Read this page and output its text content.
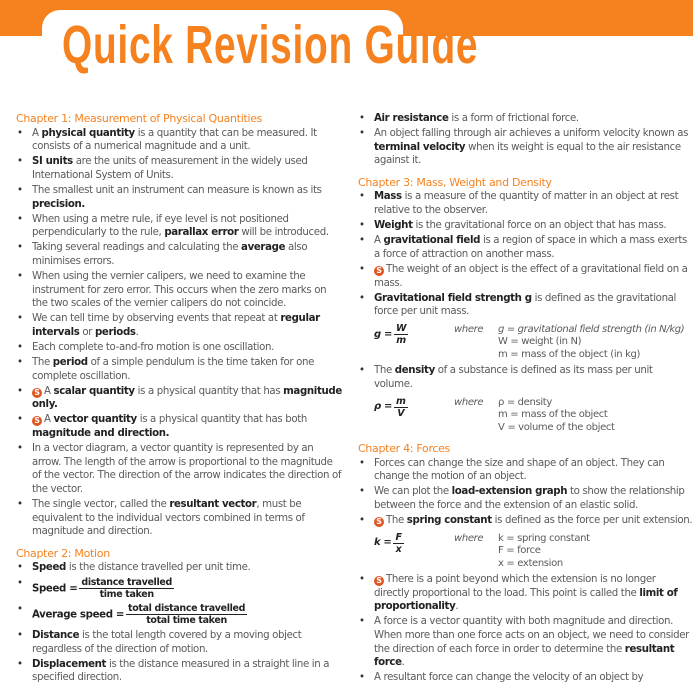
Quick Revision Guide
Chapter 1: Measurement of Physical Quantities
• A physical quantity is a quantity that can be measured. It consists of a numerical magnitude and a unit.
• SI units are the units of measurement in the widely used International System of Units.
• The smallest unit an instrument can measure is known as its precision.
• When using a metre rule, if eye level is not positioned perpendicularly to the rule, parallax error will be introduced.
• Taking several readings and calculating the average also minimises errors.
• When using the vernier calipers, we need to examine the instrument for zero error. This occurs when the zero marks on the two scales of the vernier calipers do not coincide.
• We can tell time by observing events that repeat at regular intervals or periods.
• Each complete to-and-fro motion is one oscillation.
• The period of a simple pendulum is the time taken for one complete oscillation.
• S A scalar quantity is a physical quantity that has magnitude only.
• S A vector quantity is a physical quantity that has both magnitude and direction.
• In a vector diagram, a vector quantity is represented by an arrow. The length of the arrow is proportional to the magnitude of the vector. The direction of the arrow indicates the direction of the vector.
• The single vector, called the resultant vector, must be equivalent to the individual vectors combined in terms of magnitude and direction.
Chapter 2: Motion
• Speed is the distance travelled per unit time.
• Speed = $\frac{\text{distance travelled}}{\text{time taken}}$
• Average speed = $\frac{\text{total distance travelled}}{\text{total time taken}}$
• Distance is the total length covered by a moving object regardless of the direction of motion.
• Displacement is the distance measured in a straight line in a specified direction.
• Air resistance is a form of frictional force.
• An object falling through air achieves a uniform velocity known as terminal velocity when its weight is equal to the air resistance against it.
Chapter 3: Mass, Weight and Density
• Mass is a measure of the quantity of matter in an object at rest relative to the observer.
• Weight is the gravitational force on an object that has mass.
• A gravitational field is a region of space in which a mass exerts a force of attraction on another mass.
• S The weight of an object is the effect of a gravitational field on a mass.
• Gravitational field strength g is defined as the gravitational force per unit mass.
$g = \frac{W}{m}$	where	g = gravitational field strength (in N/kg)
W = weight (in N)
m = mass of the object (in kg)
• The density of a substance is defined as its mass per unit volume.
$\rho = \frac{m}{V}$	where	ρ = density
m = mass of the object
V = volume of the object
Chapter 4: Forces
• Forces can change the size and shape of an object. They can change the motion of an object.
• We can plot the load-extension graph to show the relationship between the force and the extension of an elastic solid.
• S The spring constant is defined as the force per unit extension.
$k = \frac{F}{x}$	where	k = spring constant
F = force
x = extension
• S There is a point beyond which the extension is no longer directly proportional to the load. This point is called the limit of proportionality.
• A force is a vector quantity with both magnitude and direction. When more than one force acts on an object, we need to consider the direction of each force in order to determine the resultant force.
• A resultant force can change the velocity of an object by
